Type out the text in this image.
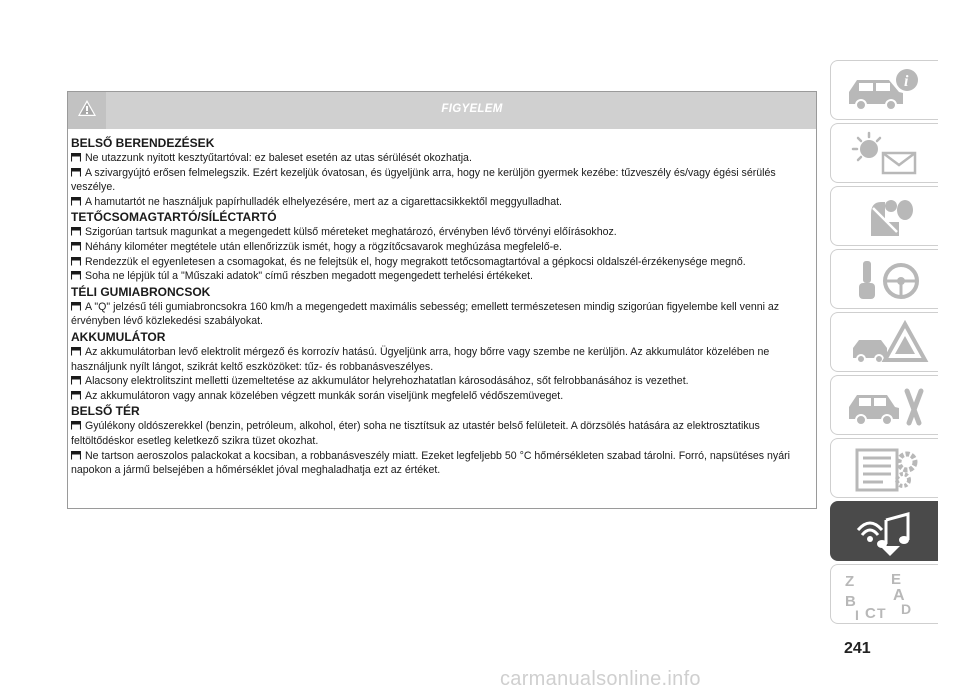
FIGYELEM
BELSŐ BERENDEZÉSEK
Ne utazzunk nyitott kesztyűtartóval: ez baleset esetén az utas sérülését okozhatja.
A szivargyújtó erősen felmelegszik. Ezért kezeljük óvatosan, és ügyeljünk arra, hogy ne kerüljön gyermek kezébe: tűzveszély és/vagy égési sérülés veszélye.
A hamutartót ne használjuk papírhulladék elhelyezésére, mert az a cigarettacsikkektől meggyulladhat.
TETŐCSOMAGTARTÓ/SÍLÉCTARTÓ
Szigorúan tartsuk magunkat a megengedett külső méreteket meghatározó, érvényben lévő törvényi előírásokhoz.
Néhány kilométer megtétele után ellenőrizzük ismét, hogy a rögzítőcsavarok meghúzása megfelelő-e.
Rendezzük el egyenletesen a csomagokat, és ne felejtsük el, hogy megrakott tetőcsomagtartóval a gépkocsi oldalszél-érzékenysége megnő.
Soha ne lépjük túl a "Műszaki adatok" című részben megadott megengedett terhelési értékeket.
TÉLI GUMIABRONCSOK
A "Q" jelzésű téli gumiabroncsokra 160 km/h a megengedett maximális sebesség; emellett természetesen mindig szigorúan figyelembe kell venni az érvényben lévő közlekedési szabályokat.
AKKUMULÁTOR
Az akkumulátorban levő elektrolit mérgező és korrozív hatású. Ügyeljünk arra, hogy bőrre vagy szembe ne kerüljön. Az akkumulátor közelében ne használjunk nyílt lángot, szikrát keltő eszközöket: tűz- és robbanásveszélyes.
Alacsony elektrolitszint melletti üzemeltetése az akkumulátor helyrehozhatatlan károsodásához, sőt felrobbanásához is vezethet.
Az akkumulátoron vagy annak közelében végzett munkák során viseljünk megfelelő védőszemüveget.
BELSŐ TÉR
Gyúlékony oldószerekkel (benzin, petróleum, alkohol, éter) soha ne tisztítsuk az utastér belső felületeit. A dörzsölés hatására az elektrosztatikus feltöltődéskor esetleg keletkező szikra tüzet okozhat.
Ne tartson aeroszolos palackokat a kocsiban, a robbanásveszély miatt. Ezeket legfeljebb 50 °C hőmérsékleten szabad tárolni. Forró, napsütéses nyári napokon a jármű belsejében a hőmérséklet jóval meghaladhatja ezt az értéket.
i
Z E
A
B
C D
I T
241
carmanualsonline.info
